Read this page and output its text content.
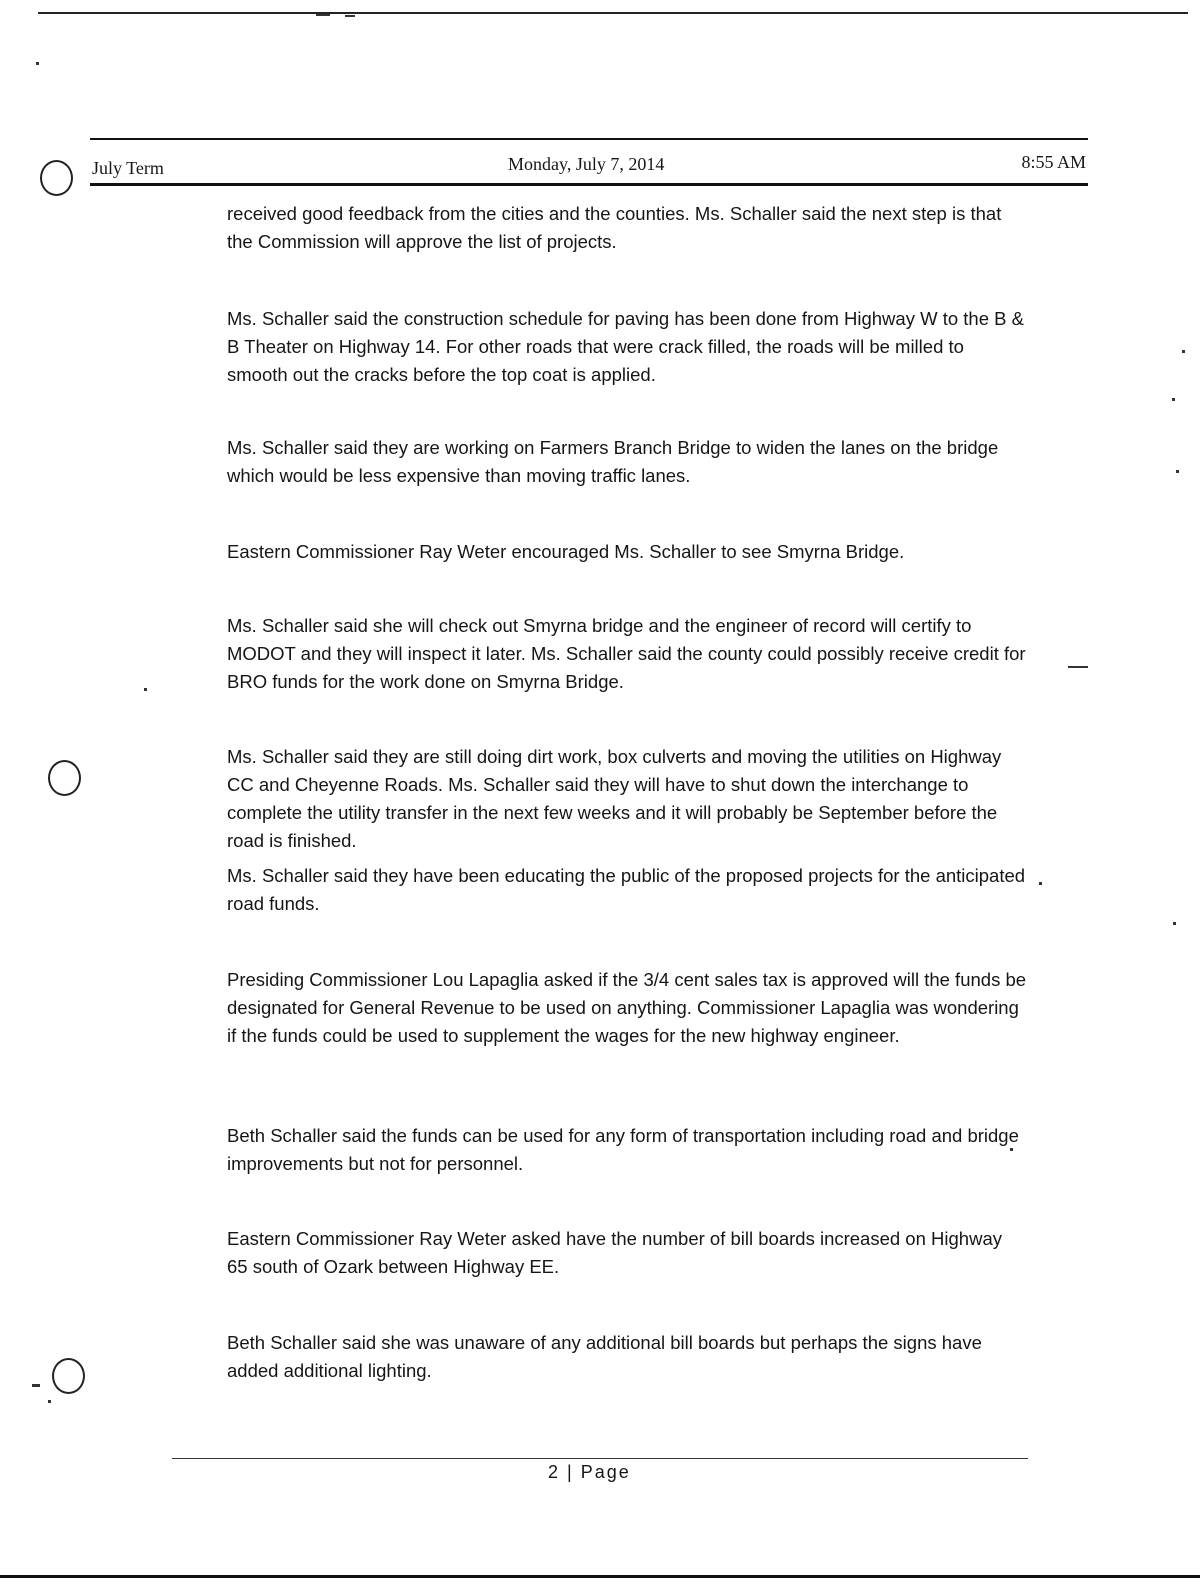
July Term	Monday, July 7, 2014	8:55 AM

received good feedback from the cities and the counties. Ms. Schaller said the next step is that the Commission will approve the list of projects.

Ms. Schaller said the construction schedule for paving has been done from Highway W to the B & B Theater on Highway 14. For other roads that were crack filled, the roads will be milled to smooth out the cracks before the top coat is applied.

Ms. Schaller said they are working on Farmers Branch Bridge to widen the lanes on the bridge which would be less expensive than moving traffic lanes.

Eastern Commissioner Ray Weter encouraged Ms. Schaller to see Smyrna Bridge.

Ms. Schaller said she will check out Smyrna bridge and the engineer of record will certify to MODOT and they will inspect it later. Ms. Schaller said the county could possibly receive credit for BRO funds for the work done on Smyrna Bridge.

Ms. Schaller said they are still doing dirt work, box culverts and moving the utilities on Highway CC and Cheyenne Roads. Ms. Schaller said they will have to shut down the interchange to complete the utility transfer in the next few weeks and it will probably be September before the road is finished.

Ms. Schaller said they have been educating the public of the proposed projects for the anticipated road funds.

Presiding Commissioner Lou Lapaglia asked if the 3/4 cent sales tax is approved will the funds be designated for General Revenue to be used on anything. Commissioner Lapaglia was wondering if the funds could be used to supplement the wages for the new highway engineer.

Beth Schaller said the funds can be used for any form of transportation including road and bridge improvements but not for personnel.

Eastern Commissioner Ray Weter asked have the number of bill boards increased on Highway 65 south of Ozark between Highway EE.

Beth Schaller said she was unaware of any additional bill boards but perhaps the signs have added additional lighting.

2 | Page
